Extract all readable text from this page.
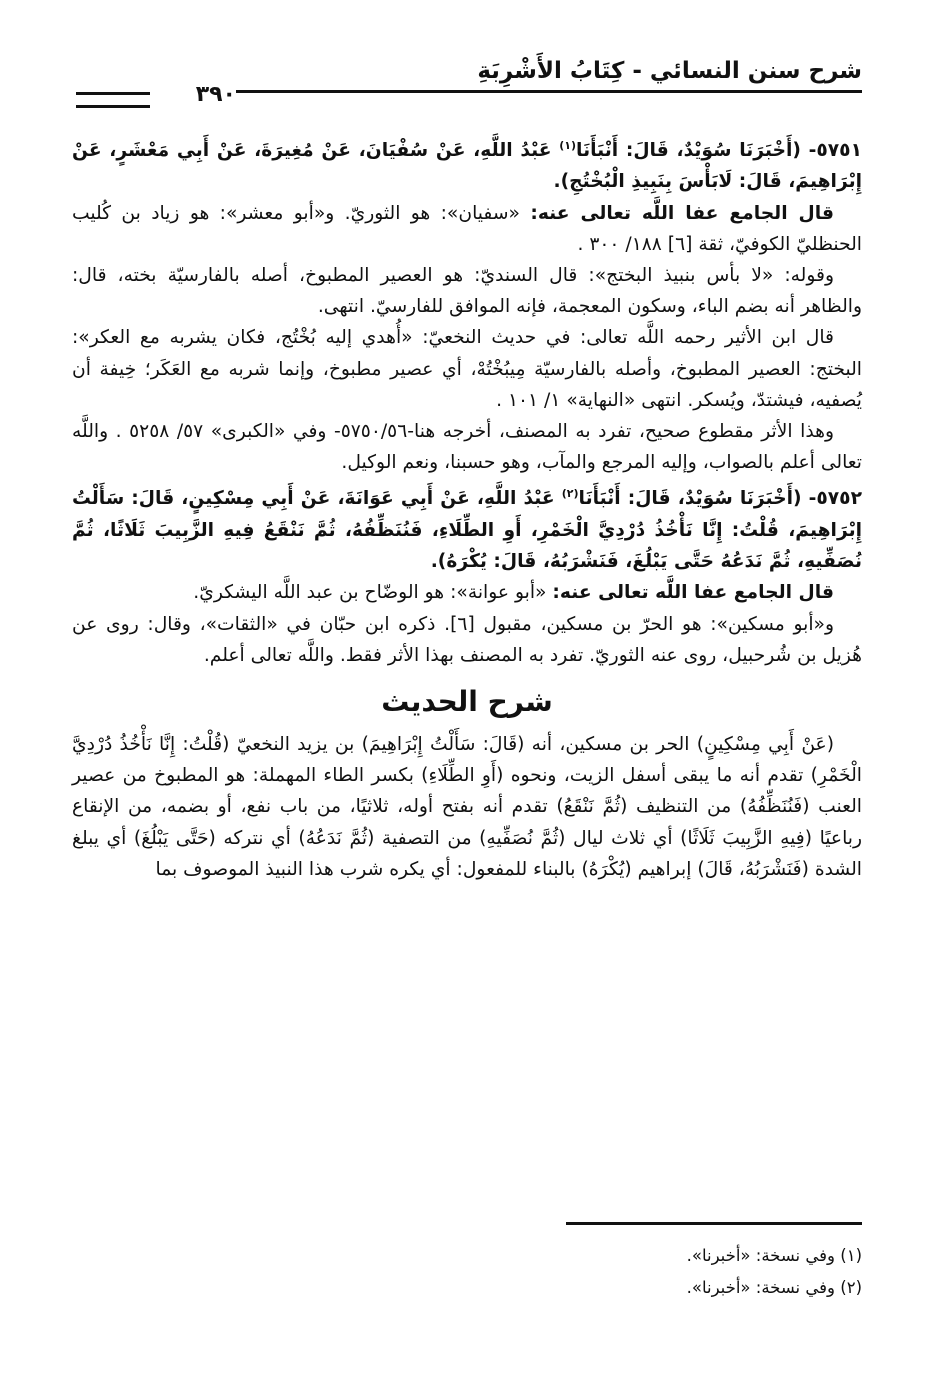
شرح سنن النسائي - كِتَابُ الأَشْرِبَةِ
٣٩٠

٥٧٥١- (أَخْبَرَنَا سُوَيْدٌ، قَالَ: أَنْبَأَنَا$^{(١)}$ عَبْدُ اللَّهِ، عَنْ سُفْيَانَ، عَنْ مُغِيرَةَ، عَنْ أَبِي مَعْشَرٍ، عَنْ إِبْرَاهِيمَ، قَالَ: لَابَأْسَ بِنَبِيذِ الْبُخْتُجِ).

قال الجامع عفا اللَّه تعالى عنه: «سفيان»: هو الثوريّ. و«أبو معشر»: هو زياد بن كُليب الحنظليّ الكوفيّ، ثقة [٦] ١٨٨/ ٣٠٠ .

وقوله: «لا بأس بنبيذ البختج»: قال السنديّ: هو العصير المطبوخ، أصله بالفارسيّة بخته، قال: والظاهر أنه بضم الباء، وسكون المعجمة، فإنه الموافق للفارسيّ. انتهى.

قال ابن الأثير رحمه اللَّه تعالى: في حديث النخعيّ: «أُهدي إليه بُخْتُج، فكان يشربه مع العكر»: البختج: العصير المطبوخ، وأصله بالفارسيّة مِيبُخْتُهْ، أي عصير مطبوخ، وإنما شربه مع العَكَر؛ خِيفة أن يُصفيه، فيشتدّ، ويُسكر. انتهى «النهاية» ١/ ١٠١ .

وهذا الأثر مقطوع صحيح، تفرد به المصنف، أخرجه هنا-٥٧٥٠/٥٦- وفي «الكبرى» ٥٧/ ٥٢٥٨ . واللَّه تعالى أعلم بالصواب، وإليه المرجع والمآب، وهو حسبنا، ونعم الوكيل.

٥٧٥٢- (أَخْبَرَنَا سُوَيْدٌ، قَالَ: أَنْبَأَنَا$^{(٢)}$ عَبْدُ اللَّهِ، عَنْ أَبِي عَوَانَةَ، عَنْ أَبِي مِسْكِينٍ، قَالَ: سَأَلْتُ إِبْرَاهِيمَ، قُلْتُ: إِنَّا نَأْخُذُ دُرْدِيَّ الْخَمْرِ، أَوِ الطِّلَاءِ، فَنُنَظِّفُهُ، ثُمَّ نَنْقَعُ فِيهِ الزَّبِيبَ ثَلَاثًا، ثُمَّ نُصَفِّيهِ، ثُمَّ نَدَعُهُ حَتَّى يَبْلُغَ، فَنَشْرَبُهُ، قَالَ: يُكْرَهُ).

قال الجامع عفا اللَّه تعالى عنه: «أبو عوانة»: هو الوضّاح بن عبد اللَّه اليشكريّ.

و«أبو مسكين»: هو الحرّ بن مسكين، مقبول [٦]. ذكره ابن حبّان في «الثقات»، وقال: روى عن هُزيل بن شُرحبيل، روى عنه الثوريّ. تفرد به المصنف بهذا الأثر فقط. واللَّه تعالى أعلم.

شرح الحديث

(عَنْ أَبِي مِسْكِينٍ) الحر بن مسكين، أنه (قَالَ: سَأَلْتُ إِبْرَاهِيمَ) بن يزيد النخعيّ (قُلْتُ: إِنَّا نَأْخُذُ دُرْدِيَّ الْخَمْرِ) تقدم أنه ما يبقى أسفل الزيت، ونحوه (أَوِ الطِّلَاءِ) بكسر الطاء المهملة: هو المطبوخ من عصير العنب (فَنُنَظِّفُهُ) من التنظيف (ثُمَّ نَنْقَعُ) تقدم أنه بفتح أوله، ثلاثيًا، من باب نفع، أو بضمه، من الإنقاع رباعيًا (فِيهِ الزَّبِيبَ ثَلَاثًا) أي ثلاث ليال (ثُمَّ نُصَفِّيهِ) من التصفية (ثُمَّ نَدَعُهُ) أي نتركه (حَتَّى يَبْلُغَ) أي يبلغ الشدة (فَنَشْرَبُهُ، قَالَ) إبراهيم (يُكْرَهُ) بالبناء للمفعول: أي يكره شرب هذا النبيذ الموصوف بما

(١) وفي نسخة: «أخبرنا».
(٢) وفي نسخة: «أخبرنا».
